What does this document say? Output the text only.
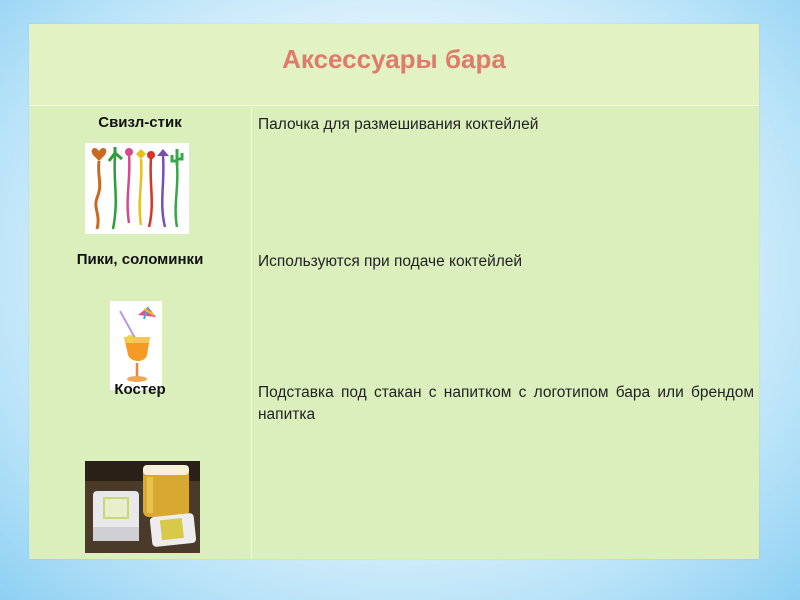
Аксессуары бара
Свизл-стик	Палочка для размешивания коктейлей
Пики, соломинки	Используются при подаче коктейлей
Костер	Подставка под стакан с напитком с логотипом бара или брендом напитка
